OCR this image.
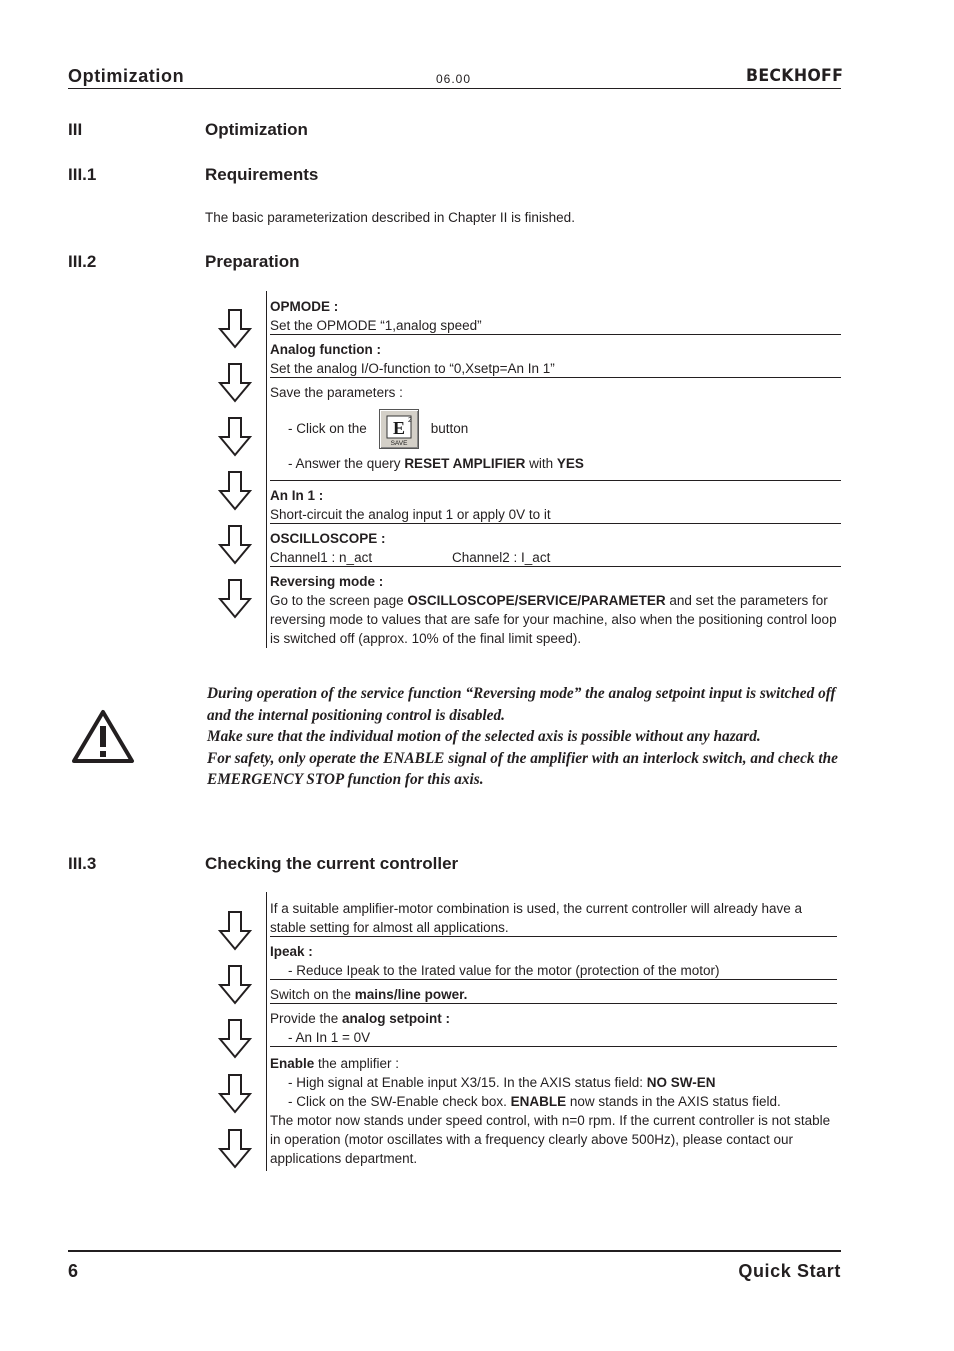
Optimization	06.00	BECKHOFF
III	Optimization
III.1	Requirements
The basic parameterization described in Chapter II is finished.
III.2	Preparation
OPMODE :
Set the OPMODE “1,analog speed”
Analog function :
Set the analog I/O-function to “0,Xsetp=An In 1”
Save the parameters :
- Click on the E 2
SAVE
button
- Answer the query RESET AMPLIFIER with YES
An In 1 :
Short-circuit the analog input 1 or apply 0V to it
OSCILLOSCOPE :
Channel1 : n_act	Channel2 : I_act
Reversing mode :
Go to the screen page OSCILLOSCOPE/SERVICE/PARAMETER and set the parameters for reversing mode to values that are safe for your machine, also when the positioning control loop is switched off (approx. 10% of the final limit speed).
During operation of the service function “Reversing mode” the analog setpoint input is switched off and the internal positioning control is disabled.
Make sure that the individual motion of the selected axis is possible without any hazard.
For safety, only operate the ENABLE signal of the amplifier with an interlock switch, and check the EMERGENCY STOP function for this axis.
III.3	Checking the current controller
If a suitable amplifier-motor combination is used, the current controller will already have a stable setting for almost all applications.
Ipeak :
- Reduce Ipeak to the Irated value for the motor (protection of the motor)
Switch on the mains/line power.
Provide the analog setpoint :
- An In 1 = 0V
Enable the amplifier :
- High signal at Enable input X3/15. In the AXIS status field: NO SW-EN
- Click on the SW-Enable check box. ENABLE now stands in the AXIS status field.
The motor now stands under speed control, with n=0 rpm. If the current controller is not stable in operation (motor oscillates with a frequency clearly above 500Hz), please contact our applications department.
6	Quick Start
